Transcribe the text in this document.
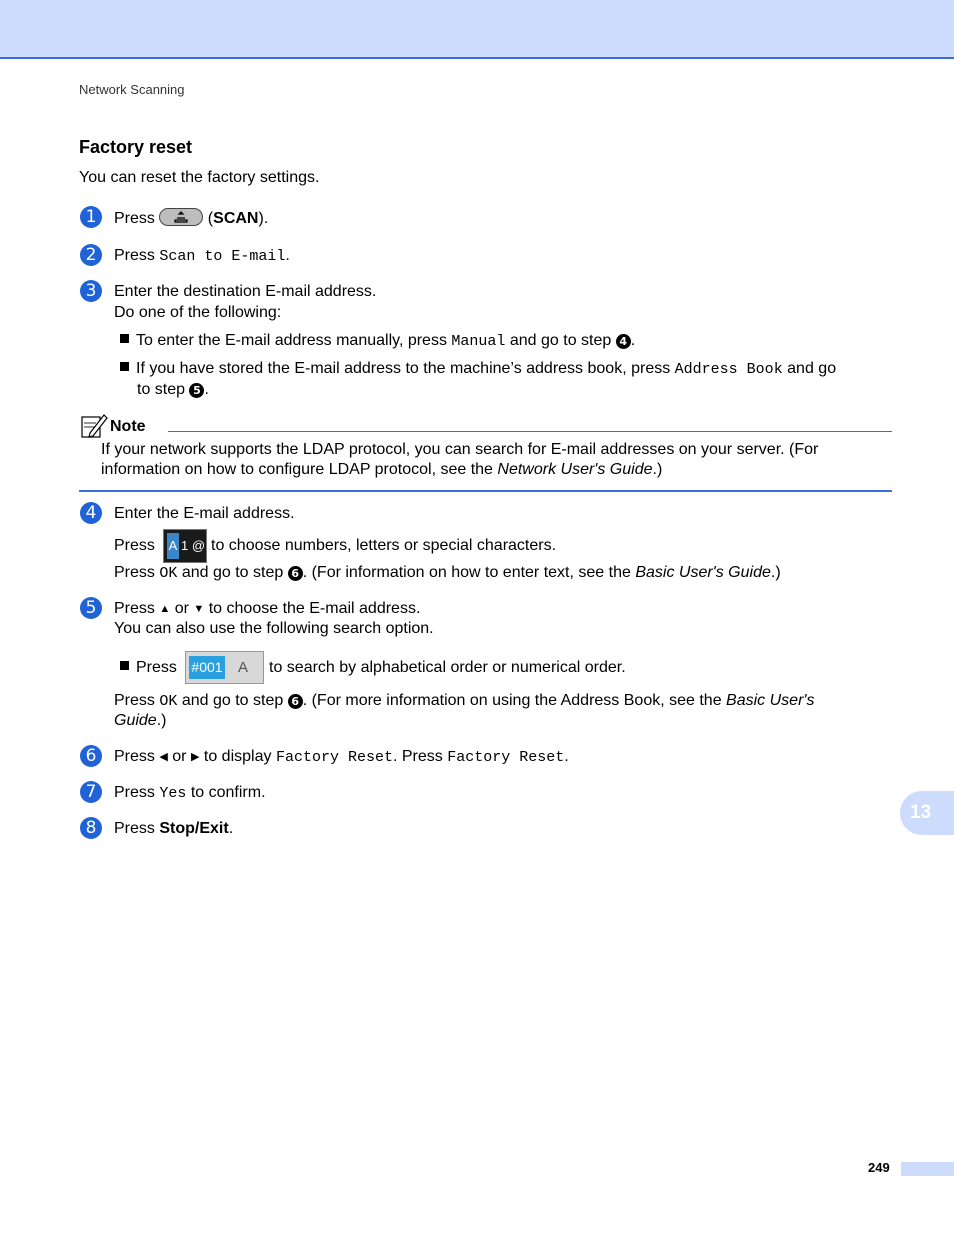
Network Scanning
Factory reset
You can reset the factory settings.
1	Press	(SCAN).
2	Press Scan to E-mail.
3	Enter the destination E-mail address.
Do one of the following:
To enter the E-mail address manually, press Manual and go to step 4 .
If you have stored the E-mail address to the machine’s address book, press Address Book and go
to step 5 .
Note
If your network supports the LDAP protocol, you can search for E-mail addresses on your server. (For
information on how to configure LDAP protocol, see the Network User's Guide.)
4	Enter the E-mail address.
Press A 1 @ to choose numbers, letters or special characters.
Press OK and go to step 6 . (For information on how to enter text, see the Basic User's Guide.)
5	Press ▲ or ▼ to choose the E-mail address.
You can also use the following search option.
Press #001 A to search by alphabetical order or numerical order.
Press OK and go to step 6 . (For more information on using the Address Book, see the Basic User's
Guide.)
6	Press ◀ or ▶ to display Factory Reset. Press Factory Reset.
7	Press Yes to confirm.
8	Press Stop/Exit.
13
249
